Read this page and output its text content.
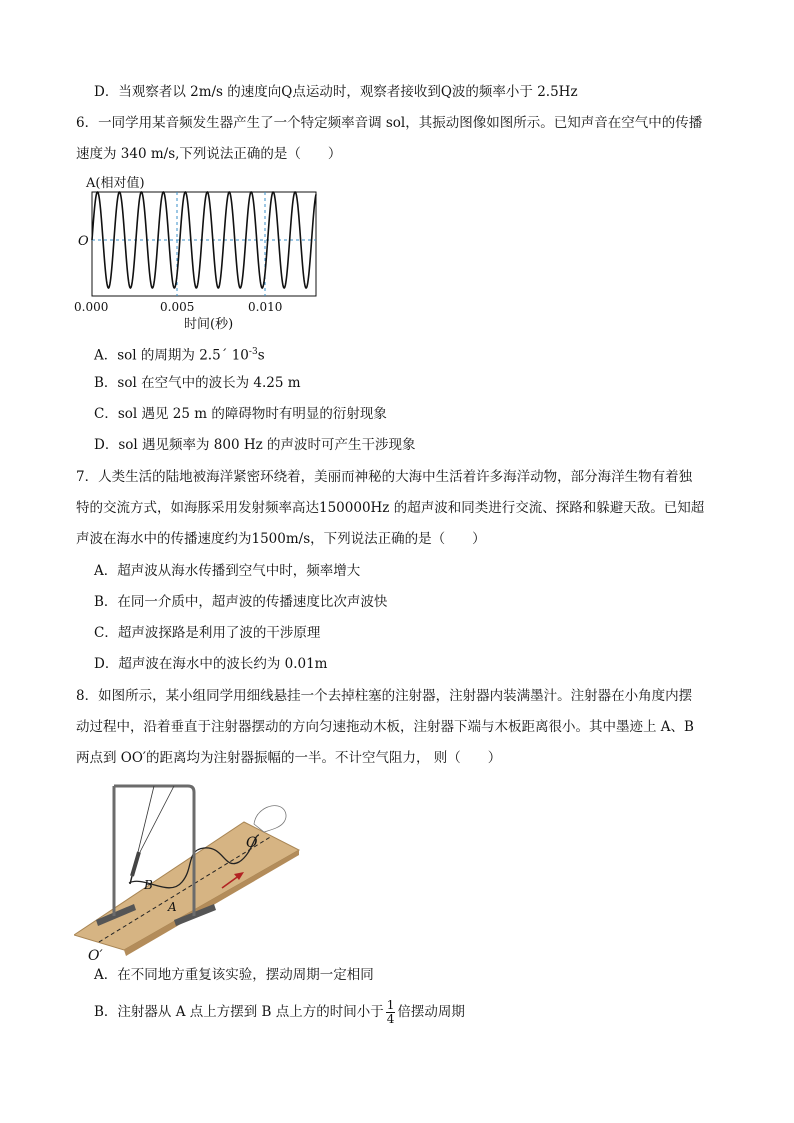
D．当观察者以 2m/s 的速度向Q点运动时，观察者接收到Q波的频率小于 2.5Hz
6．一同学用某音频发生器产生了一个特定频率音调 sol，其振动图像如图所示。已知声音在空气中的传播
速度为 340 m/s,下列说法正确的是（　　）
A(相对值)
O
0.000	0.005	0.010
时间(秒)
A．sol 的周期为 2.5´ $10^{-3}s$
B．sol 在空气中的波长为 4.25 m
C．sol 遇见 25 m 的障碍物时有明显的衍射现象
D．sol 遇见频率为 800 Hz 的声波时可产生干涉现象
7．人类生活的陆地被海洋紧密环绕着，美丽而神秘的大海中生活着许多海洋动物，部分海洋生物有着独
特的交流方式，如海豚采用发射频率高达150000Hz 的超声波和同类进行交流、探路和躲避天敌。已知超
声波在海水中的传播速度约为1500m/s，下列说法正确的是（　　）
A．超声波从海水传播到空气中时，频率增大
B．在同一介质中，超声波的传播速度比次声波快
C．超声波探路是利用了波的干涉原理
D．超声波在海水中的波长约为 0.01m
8．如图所示，某小组同学用细线悬挂一个去掉柱塞的注射器，注射器内装满墨汁。注射器在小角度内摆
动过程中，沿着垂直于注射器摆动的方向匀速拖动木板，注射器下端与木板距离很小。其中墨迹上 A、B
两点到 OO′的距离均为注射器振幅的一半。不计空气阻力， 则（　　）
O
B
A
O′
A．在不同地方重复该实验，摆动周期一定相同
B．注射器从 A 点上方摆到 B 点上方的时间小于 $\frac{1}{4}$ 倍摆动周期
